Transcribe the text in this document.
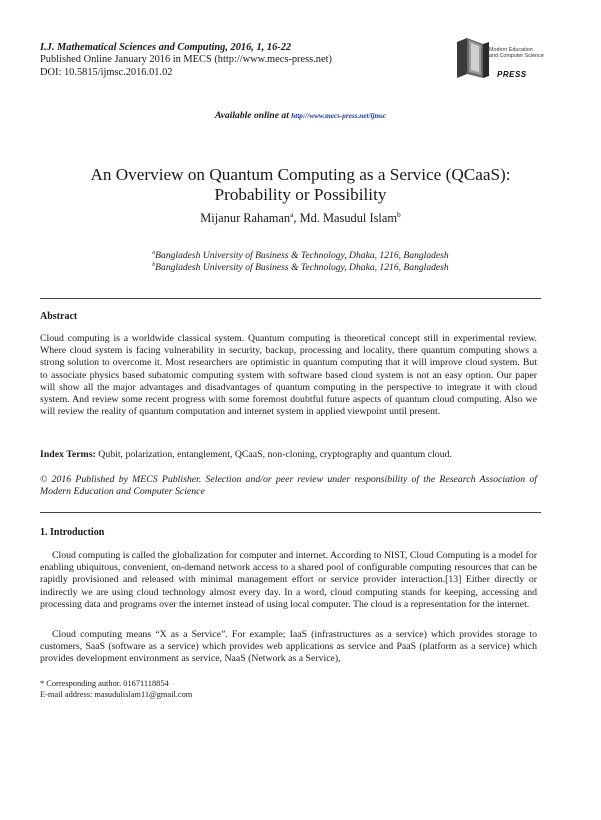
I.J. Mathematical Sciences and Computing, 2016, 1, 16-22
Published Online January 2016 in MECS (http://www.mecs-press.net)
DOI: 10.5815/ijmsc.2016.01.02
Modern Education
and Computer Science
PRESS
Available online at http://www.mecs-press.net/ijmsc
An Overview on Quantum Computing as a Service (QCaaS):
Probability or Possibility
Mijanur Rahaman$^a$, Md. Masudul Islam$^b$
$^a$Bangladesh University of Business & Technology, Dhaka, 1216, Bangladesh
$^b$Bangladesh University of Business & Technology, Dhaka, 1216, Bangladesh
Abstract

Cloud computing is a worldwide classical system. Quantum computing is theoretical concept still in experimental review. Where cloud system is facing vulnerability in security, backup, processing and locality, there quantum computing shows a strong solution to overcome it. Most researchers are optimistic in quantum computing that it will improve cloud system. But to associate physics based subatomic computing system with software based cloud system is not an easy option. Our paper will show all the major advantages and disadvantages of quantum computing in the perspective to integrate it with cloud system. And review some recent progress with some foremost doubtful future aspects of quantum cloud computing. Also we will review the reality of quantum computation and internet system in applied viewpoint until present.

Index Terms: Qubit, polarization, entanglement, QCaaS, non-cloning, cryptography and quantum cloud.

© 2016 Published by MECS Publisher. Selection and/or peer review under responsibility of the Research Association of Modern Education and Computer Science

1. Introduction

Cloud computing is called the globalization for computer and internet. According to NIST, Cloud Computing is a model for enabling ubiquitous, convenient, on-demand network access to a shared pool of configurable computing resources that can be rapidly provisioned and released with minimal management effort or service provider interaction.[13] Either directly or indirectly we are using cloud technology almost every day. In a word, cloud computing stands for keeping, accessing and processing data and programs over the internet instead of using local computer. The cloud is a representation for the internet.

Cloud computing means “X as a Service”. For example; IaaS (infrastructures as a service) which provides storage to customers, SaaS (software as a service) which provides web applications as service and PaaS (platform as a service) which provides development environment as service, NaaS (Network as a Service),

* Corresponding author. 01671118854
E-mail address: masudulislam11@gmail.com
